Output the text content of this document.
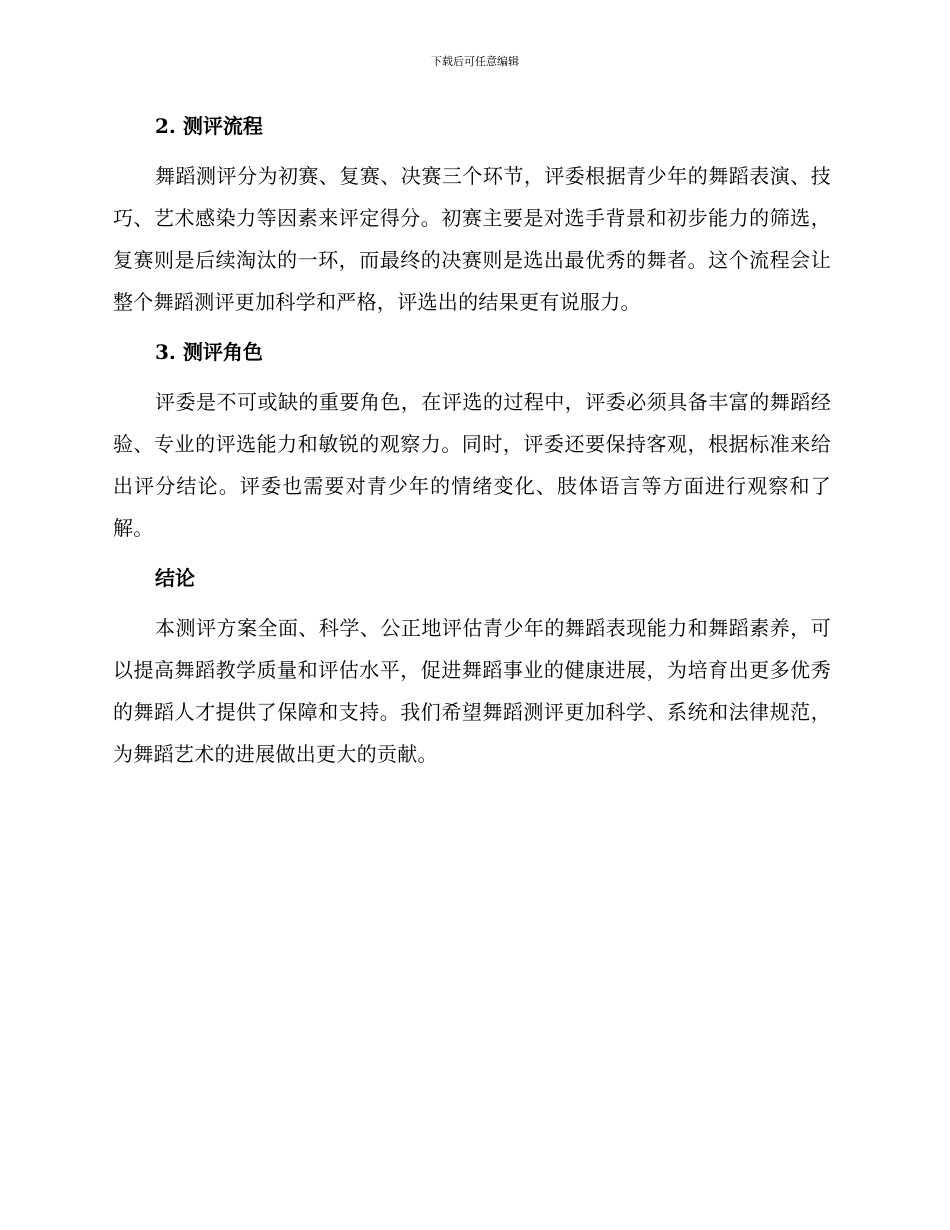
下载后可任意编辑
2. 测评流程

舞蹈测评分为初赛、复赛、决赛三个环节，评委根据青少年的舞蹈表演、技巧、艺术感染力等因素来评定得分。初赛主要是对选手背景和初步能力的筛选，复赛则是后续淘汰的一环，而最终的决赛则是选出最优秀的舞者。这个流程会让整个舞蹈测评更加科学和严格，评选出的结果更有说服力。

3. 测评角色

评委是不可或缺的重要角色，在评选的过程中，评委必须具备丰富的舞蹈经验、专业的评选能力和敏锐的观察力。同时，评委还要保持客观，根据标准来给出评分结论。评委也需要对青少年的情绪变化、肢体语言等方面进行观察和了解。

结论

本测评方案全面、科学、公正地评估青少年的舞蹈表现能力和舞蹈素养，可以提高舞蹈教学质量和评估水平，促进舞蹈事业的健康进展，为培育出更多优秀的舞蹈人才提供了保障和支持。我们希望舞蹈测评更加科学、系统和法律规范，为舞蹈艺术的进展做出更大的贡献。
